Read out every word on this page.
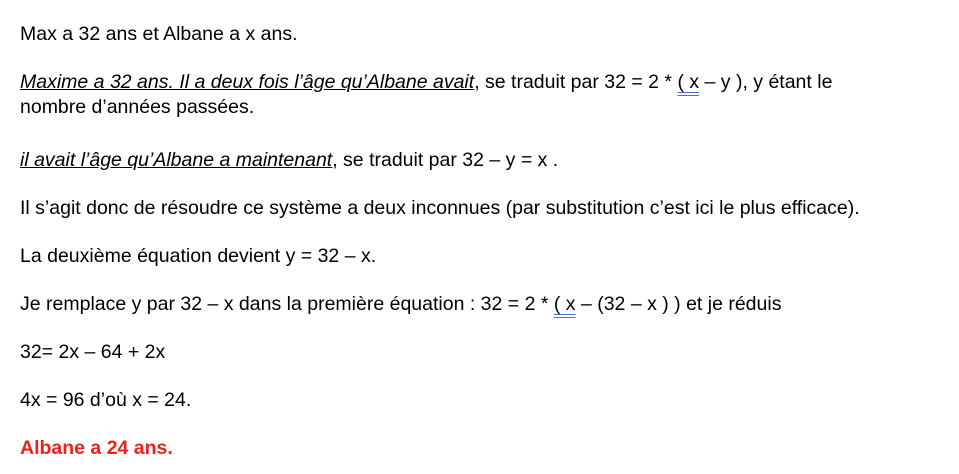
Max a 32 ans et Albane a x ans.

Maxime a 32 ans. Il a deux fois l’âge qu’Albane avait, se traduit par 32 = 2 * ( x – y ), y étant le
nombre d’années passées.

il avait l’âge qu’Albane a maintenant, se traduit par 32 – y = x .

Il s’agit donc de résoudre ce système a deux inconnues (par substitution c’est ici le plus efficace).

La deuxième équation devient y = 32 – x.

Je remplace y par 32 – x dans la première équation : 32 = 2 * ( x – (32 – x ) ) et je réduis

32= 2x – 64 + 2x

4x = 96 d’où x = 24.

Albane a 24 ans.
